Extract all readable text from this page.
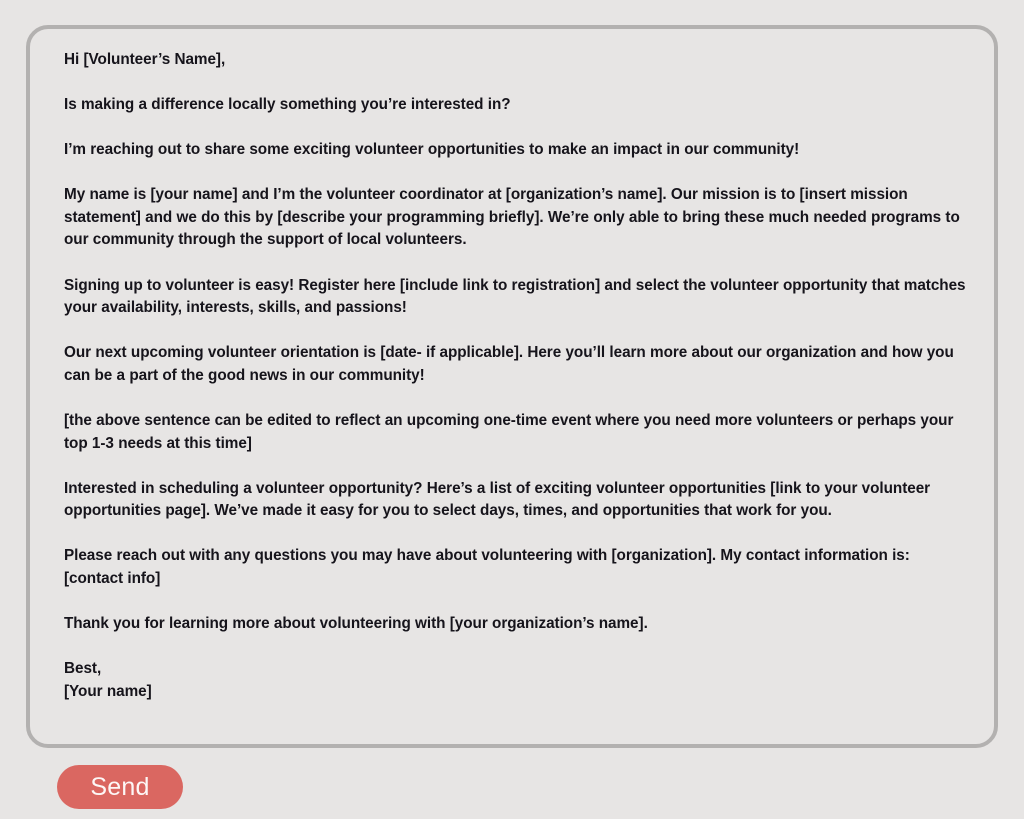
Hi [Volunteer’s Name],

Is making a difference locally something you’re interested in?

I’m reaching out to share some exciting volunteer opportunities to make an impact in our community!

My name is [your name] and I’m the volunteer coordinator at [organization’s name]. Our mission is to [insert mission statement] and we do this by [describe your programming briefly]. We’re only able to bring these much needed programs to our community through the support of local volunteers.

Signing up to volunteer is easy! Register here [include link to registration] and select the volunteer opportunity that matches your availability, interests, skills, and passions!

Our next upcoming volunteer orientation is [date- if applicable]. Here you’ll learn more about our organization and how you can be a part of the good news in our community!

[the above sentence can be edited to reflect an upcoming one-time event where you need more volunteers or perhaps your top 1-3 needs at this time]

Interested in scheduling a volunteer opportunity? Here’s a list of exciting volunteer opportunities [link to your volunteer opportunities page]. We’ve made it easy for you to select days, times, and opportunities that work for you.

Please reach out with any questions you may have about volunteering with [organization]. My contact information is: [contact info]

Thank you for learning more about volunteering with [your organization’s name].

Best,

[Your name]

Send
